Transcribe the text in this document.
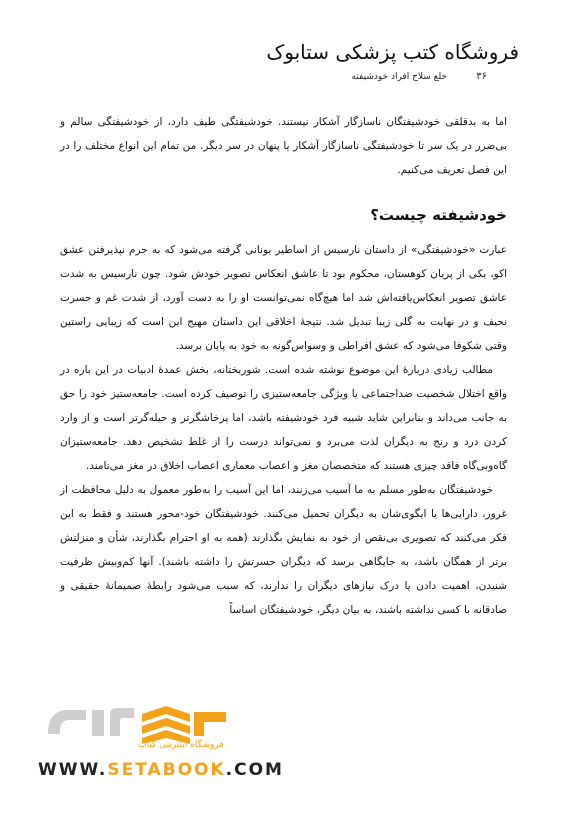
فروشگاه کتب پزشکی ستابوک
خلع سلاح افراد خودشیفته	۳۶

اما به بدقلقی خودشیفتگان ناسازگار آشکار نیستند. خودشیفتگی طیف دارد، از خودشیفتگی سالم و بی‌ضرر در یک سر تا خودشیفتگی ناسازگار آشکار یا پنهان در سر دیگر. من تمام این انواع مختلف را در این فصل تعریف می‌کنیم.

خودشیفته چیست؟

عبارت «خودشیفتگی» از داستان نارسیس از اساطیر یونانی گرفته می‌شود که به جرم نپذیرفتن عشق اکو، یکی از پریان کوهستان، محکوم بود تا عاشق انعکاس تصویر خودش شود. چون نارسیس به شدت عاشق تصویر انعکاس‌یافته‌اش شد اما هیچ‌گاه نمی‌توانست او را به دست آورد، از شدت غم و حسرت نحیف و در نهایت به گلی زیبا تبدیل شد. نتیجهٔ اخلاقی این داستان مهیج این است که زیبایی راستین وقتی شکوفا می‌شود که عشق افراطی و وسواس‌گونه به خود به پایان برسد.

مطالب زیادی دربارهٔ این موضوع نوشته شده است. شوربختانه، بخش عمدهٔ ادبیات در این باره در واقع اختلال شخصیت ضداجتماعی یا ویژگی جامعه‌ستیزی را توصیف کرده است. جامعه‌ستیز خود را حق به جانب می‌داند و بنابراین شاید شبیه فرد خودشیفته باشد، اما پرخاشگرتر و حیله‌گرتر است و از وارد کردن درد و رنج به دیگران لذت می‌برد و نمی‌تواند درست را از غلط تشخیص دهد. جامعه‌ستیزان گاه‌وبی‌گاه فاقد چیزی هستند که متخصصان مغز و اعصاب معماری اعصاب اخلاق در مغز می‌نامند.

خودشیفتگان به‌طور مسلم به ما آسیب می‌زنند، اما این آسیب را به‌طور معمول به دلیل محافظت از غرور، دارایی‌ها یا ایگوی‌شان به دیگران تحمیل می‌کنند. خودشیفتگان خود-محور هستند و فقط به این فکر می‌کنند که تصویری بی‌نقص از خود به نمایش بگذارند (همه به او احترام بگذارند، شأن و منزلتش برتر از همگان باشد، به جایگاهی برسد که دیگران حسرتش را داشته باشند). آنها کم‌وبیش ظرفیت شنیدن، اهمیت دادن یا درک نیازهای دیگران را ندارند، که سبب می‌شود رابطهٔ صمیمانهٔ حقیقی و صادقانه با کسی نداشته باشند، به بیان دیگر، خودشیفتگان اساساً

فروشگاه اینترنتی کتاب
WWW.SETABOOK.COM
